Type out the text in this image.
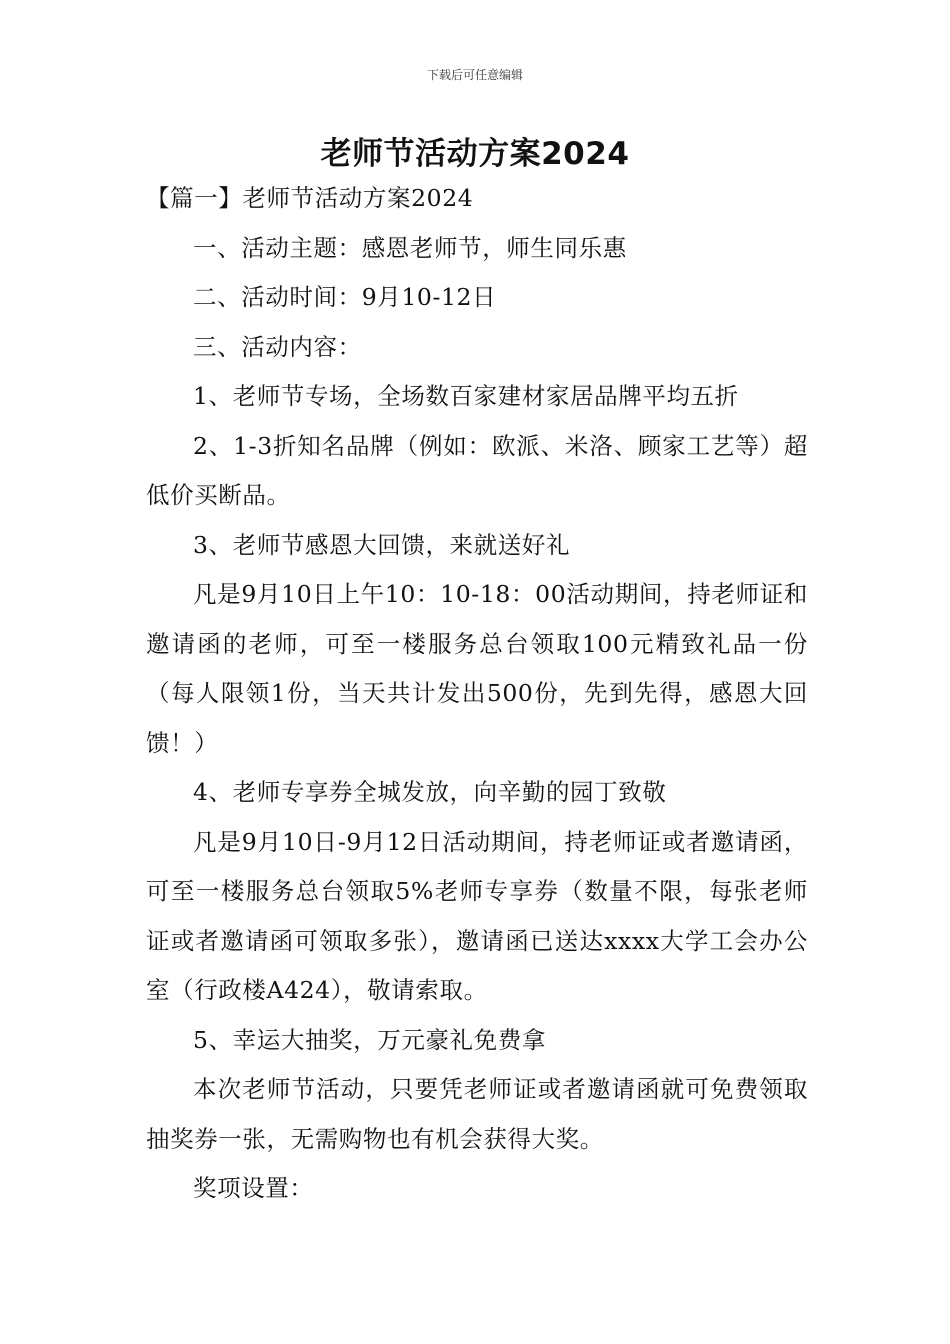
下载后可任意编辑
老师节活动方案2024

【篇一】老师节活动方案2024

一、活动主题：感恩老师节，师生同乐惠

二、活动时间：9月10-12日

三、活动内容：

1、老师节专场，全场数百家建材家居品牌平均五折

2、1-3折知名品牌（例如：欧派、米洛、顾家工艺等）超低价买断品。

3、老师节感恩大回馈，来就送好礼

凡是9月10日上午10：10-18：00活动期间，持老师证和邀请函的老师，可至一楼服务总台领取100元精致礼品一份（每人限领1份，当天共计发出500份，先到先得，感恩大回馈！）

4、老师专享券全城发放，向辛勤的园丁致敬

凡是9月10日-9月12日活动期间，持老师证或者邀请函，可至一楼服务总台领取5%老师专享券（数量不限，每张老师证或者邀请函可领取多张），邀请函已送达xxxx大学工会办公室（行政楼A424），敬请索取。

5、幸运大抽奖，万元豪礼免费拿

本次老师节活动，只要凭老师证或者邀请函就可免费领取抽奖券一张，无需购物也有机会获得大奖。

奖项设置：
